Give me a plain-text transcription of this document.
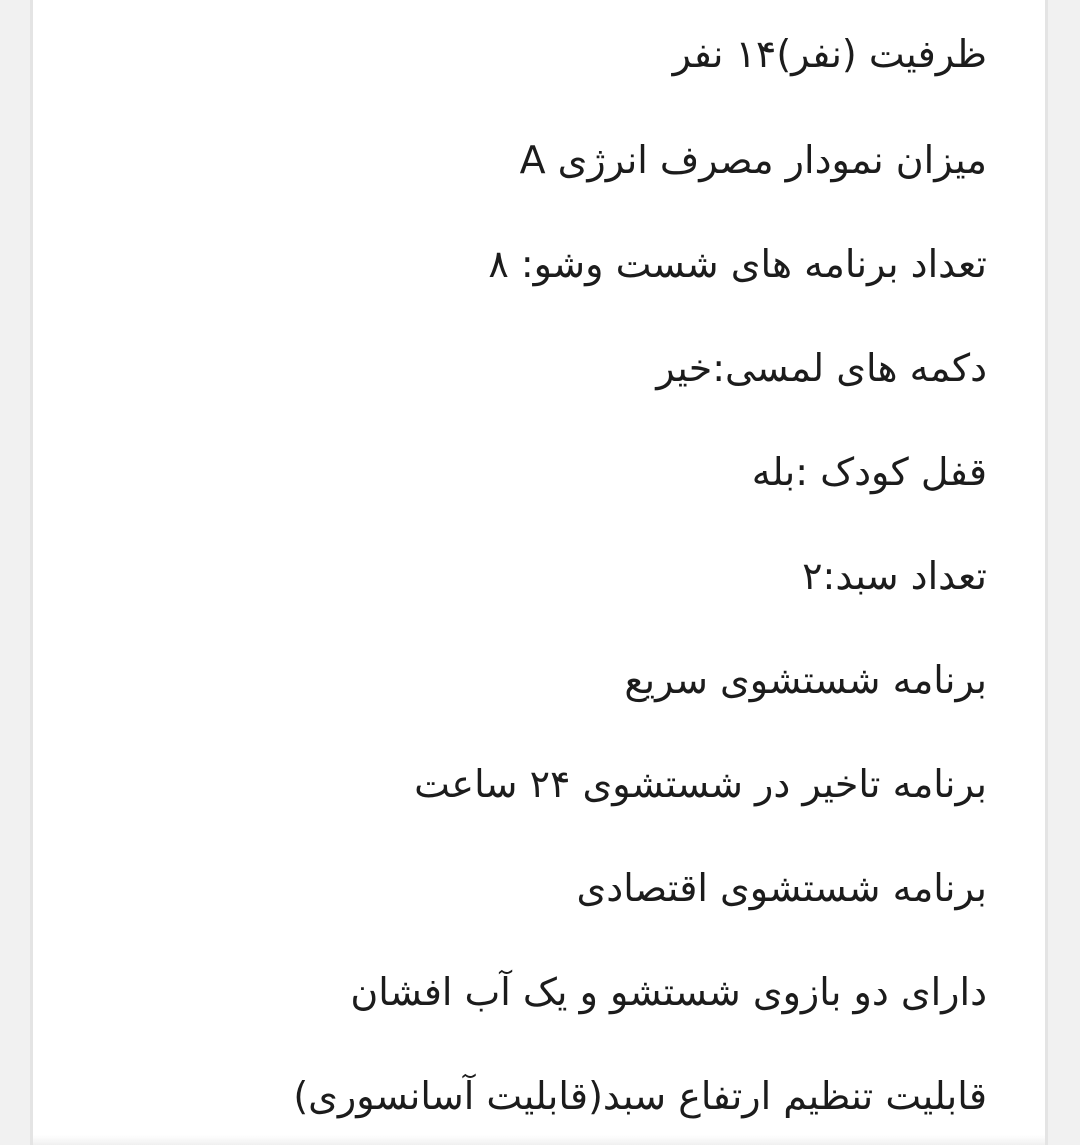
ظرفیت (نفر)۱۴ نفر
میزان نمودار مصرف انرژی A
تعداد برنامه های شست وشو: ۸
دکمه های لمسی:خیر
قفل کودک :بله
تعداد سبد:۲
برنامه شستشوی سریع
برنامه تاخیر در شستشوی ۲۴ ساعت
برنامه شستشوی اقتصادی
دارای دو بازوی شستشو و یک آب افشان
قابلیت تنظیم ارتفاع سبد(قابلیت آسانسوری)
